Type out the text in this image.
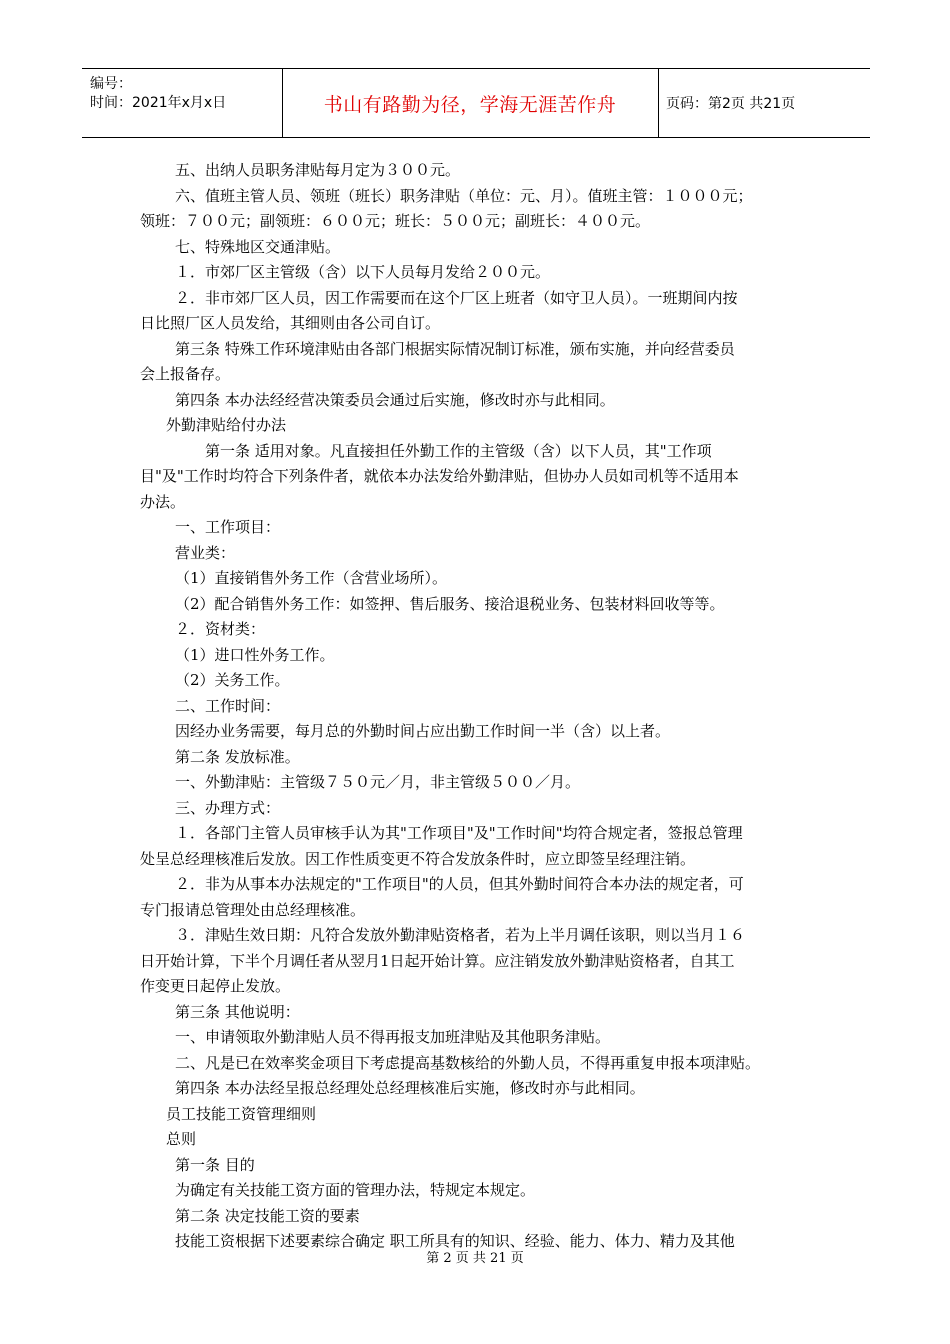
编号：
时间：2021年x月x日	书山有路勤为径，学海无涯苦作舟	页码：第2页 共21页
五、出纳人员职务津贴每月定为３００元。
六、值班主管人员、领班（班长）职务津贴（单位：元、月）。值班主管：１０００元；
领班：７００元；副领班：６００元；班长：５００元；副班长：４００元。
七、特殊地区交通津贴。
１．市郊厂区主管级（含）以下人员每月发给２００元。
２．非市郊厂区人员，因工作需要而在这个厂区上班者（如守卫人员）。一班期间内按
日比照厂区人员发给，其细则由各公司自订。
第三条 特殊工作环境津贴由各部门根据实际情况制订标准，颁布实施，并向经营委员
会上报备存。
第四条 本办法经经营决策委员会通过后实施，修改时亦与此相同。
外勤津贴给付办法
第一条 适用对象。凡直接担任外勤工作的主管级（含）以下人员，其"工作项
目"及"工作时均符合下列条件者，就依本办法发给外勤津贴，但协办人员如司机等不适用本
办法。
一、工作项目：
营业类：
（1）直接销售外务工作（含营业场所）。
（2）配合销售外务工作：如签押、售后服务、接洽退税业务、包装材料回收等等。
２．资材类：
（1）进口性外务工作。
（2）关务工作。
二、工作时间：
因经办业务需要，每月总的外勤时间占应出勤工作时间一半（含）以上者。
第二条 发放标准。
一、外勤津贴：主管级７５０元／月，非主管级５００／月。
三、办理方式：
１．各部门主管人员审核手认为其"工作项目"及"工作时间"均符合规定者，签报总管理
处呈总经理核准后发放。因工作性质变更不符合发放条件时，应立即签呈经理注销。
２．非为从事本办法规定的"工作项目"的人员，但其外勤时间符合本办法的规定者，可
专门报请总管理处由总经理核准。
３．津贴生效日期：凡符合发放外勤津贴资格者，若为上半月调任该职，则以当月１６
日开始计算，下半个月调任者从翌月1日起开始计算。应注销发放外勤津贴资格者，自其工
作变更日起停止发放。
第三条 其他说明：
一、申请领取外勤津贴人员不得再报支加班津贴及其他职务津贴。
二、凡是已在效率奖金项目下考虑提高基数核给的外勤人员，不得再重复申报本项津贴。
第四条 本办法经呈报总经理处总经理核准后实施，修改时亦与此相同。
员工技能工资管理细则
总则
第一条 目的
为确定有关技能工资方面的管理办法，特规定本规定。
第二条 决定技能工资的要素
技能工资根据下述要素综合确定 职工所具有的知识、经验、能力、体力、精力及其他
第 2 页 共 21 页
